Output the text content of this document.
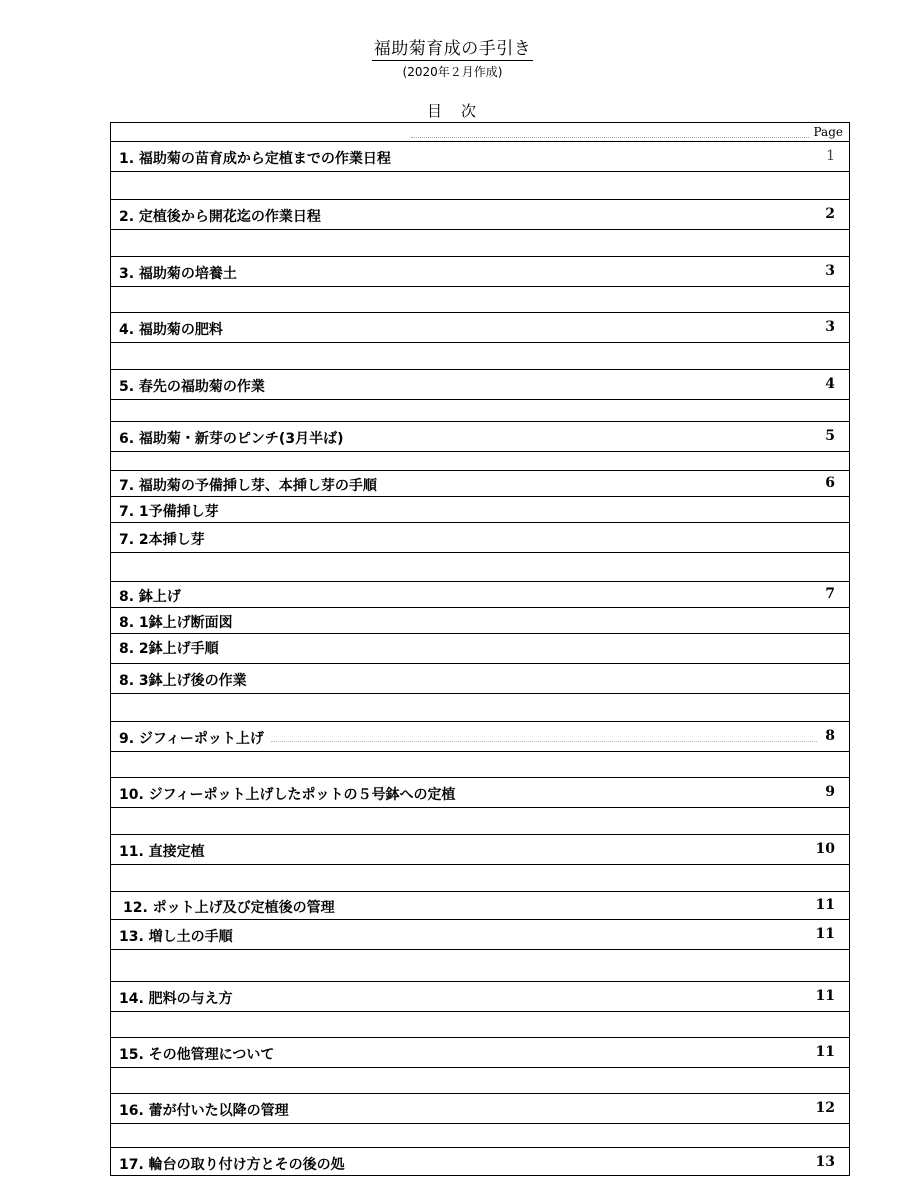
福助菊育成の手引き
(2020年２月作成)
目　次
Page
1. 福助菊の苗育成から定植までの作業日程	1
2. 定植後から開花迄の作業日程	2
3. 福助菊の培養土	3
4. 福助菊の肥料	3
5. 春先の福助菊の作業	4
6. 福助菊・新芽のピンチ(3月半ば)	5
7. 福助菊の予備挿し芽、本挿し芽の手順	6
7. 1予備挿し芽
7. 2本挿し芽
8. 鉢上げ	7
8. 1鉢上げ断面図
8. 2鉢上げ手順
8. 3鉢上げ後の作業
9. ジフィーポット上げ	8
10. ジフィーポット上げしたポットの５号鉢への定植	9
11. 直接定植	10
12. ポット上げ及び定植後の管理	11
13. 増し土の手順	11
14. 肥料の与え方	11
15. その他管理について	11
16. 蕾が付いた以降の管理	12
17. 輪台の取り付け方とその後の処	13
